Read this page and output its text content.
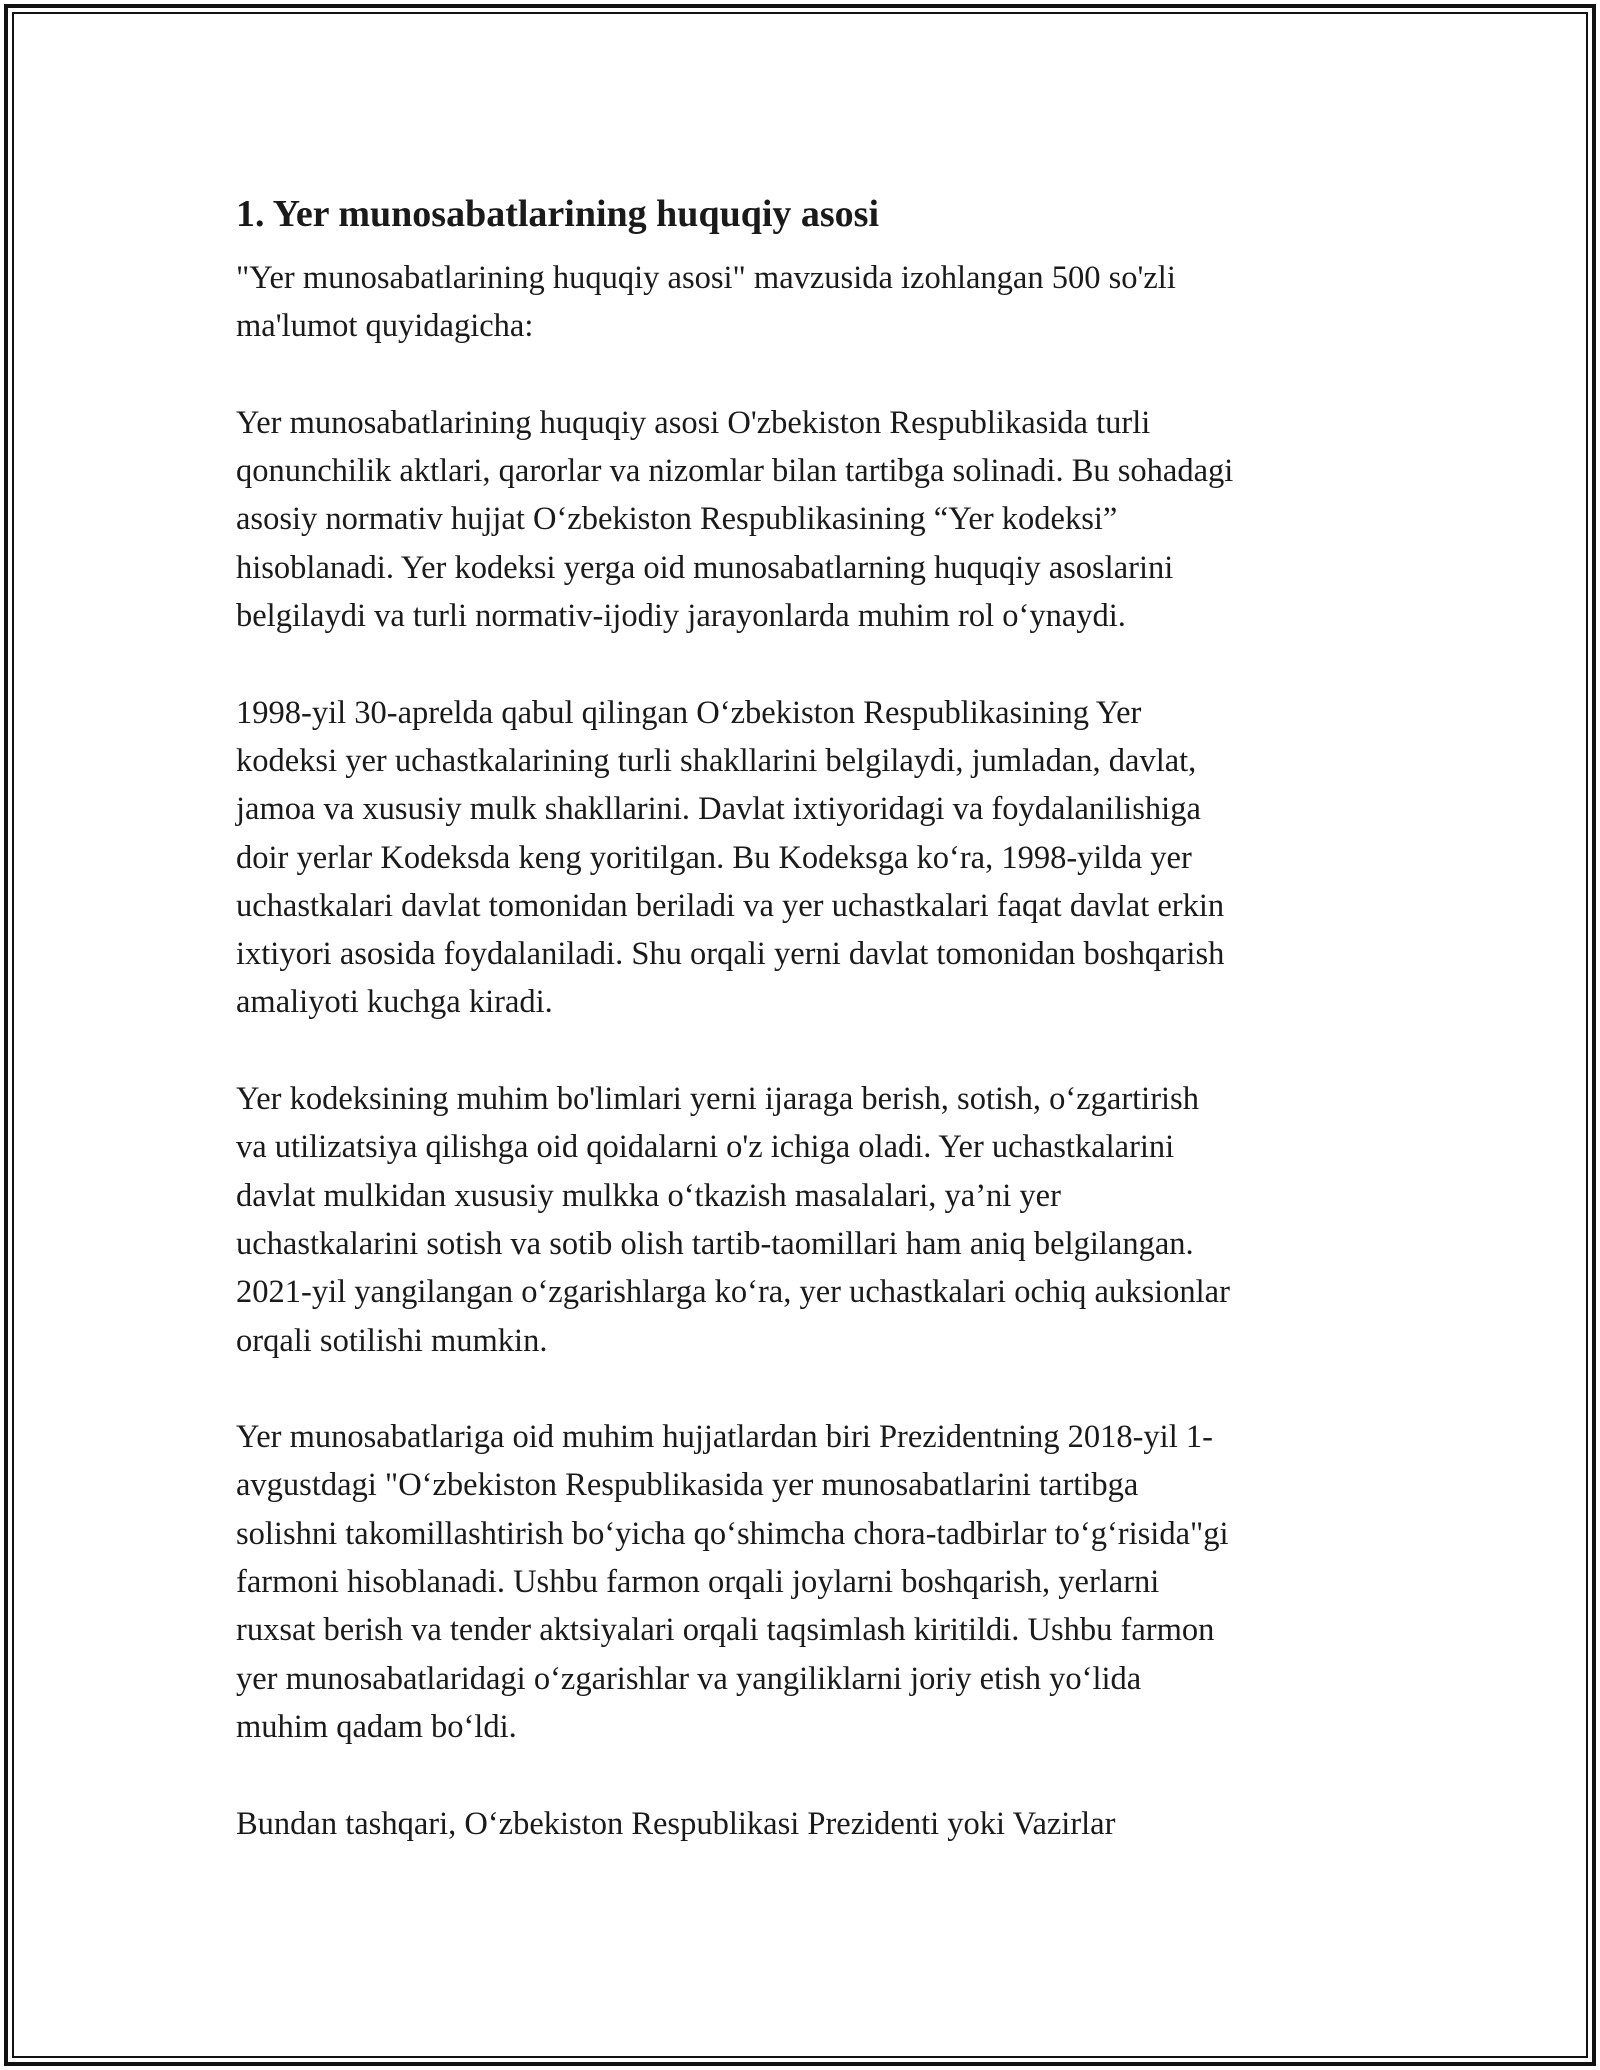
1. Yer munosabatlarining huquqiy asosi

"Yer munosabatlarining huquqiy asosi" mavzusida izohlangan 500 so'zli
ma'lumot quyidagicha:

Yer munosabatlarining huquqiy asosi O'zbekiston Respublikasida turli
qonunchilik aktlari, qarorlar va nizomlar bilan tartibga solinadi. Bu sohadagi
asosiy normativ hujjat O‘zbekiston Respublikasining “Yer kodeksi”
hisoblanadi. Yer kodeksi yerga oid munosabatlarning huquqiy asoslarini
belgilaydi va turli normativ-ijodiy jarayonlarda muhim rol o‘ynaydi.

1998-yil 30-aprelda qabul qilingan O‘zbekiston Respublikasining Yer
kodeksi yer uchastkalarining turli shakllarini belgilaydi, jumladan, davlat,
jamoa va xususiy mulk shakllarini. Davlat ixtiyoridagi va foydalanilishiga
doir yerlar Kodeksda keng yoritilgan. Bu Kodeksga ko‘ra, 1998-yilda yer
uchastkalari davlat tomonidan beriladi va yer uchastkalari faqat davlat erkin
ixtiyori asosida foydalaniladi. Shu orqali yerni davlat tomonidan boshqarish
amaliyoti kuchga kiradi.

Yer kodeksining muhim bo'limlari yerni ijaraga berish, sotish, o‘zgartirish
va utilizatsiya qilishga oid qoidalarni o'z ichiga oladi. Yer uchastkalarini
davlat mulkidan xususiy mulkka o‘tkazish masalalari, ya’ni yer
uchastkalarini sotish va sotib olish tartib-taomillari ham aniq belgilangan.
2021-yil yangilangan o‘zgarishlarga ko‘ra, yer uchastkalari ochiq auksionlar
orqali sotilishi mumkin.

Yer munosabatlariga oid muhim hujjatlardan biri Prezidentning 2018-yil 1-
avgustdagi "O‘zbekiston Respublikasida yer munosabatlarini tartibga
solishni takomillashtirish bo‘yicha qo‘shimcha chora-tadbirlar to‘g‘risida"gi
farmoni hisoblanadi. Ushbu farmon orqali joylarni boshqarish, yerlarni
ruxsat berish va tender aktsiyalari orqali taqsimlash kiritildi. Ushbu farmon
yer munosabatlaridagi o‘zgarishlar va yangiliklarni joriy etish yo‘lida
muhim qadam bo‘ldi.

Bundan tashqari, O‘zbekiston Respublikasi Prezidenti yoki Vazirlar
